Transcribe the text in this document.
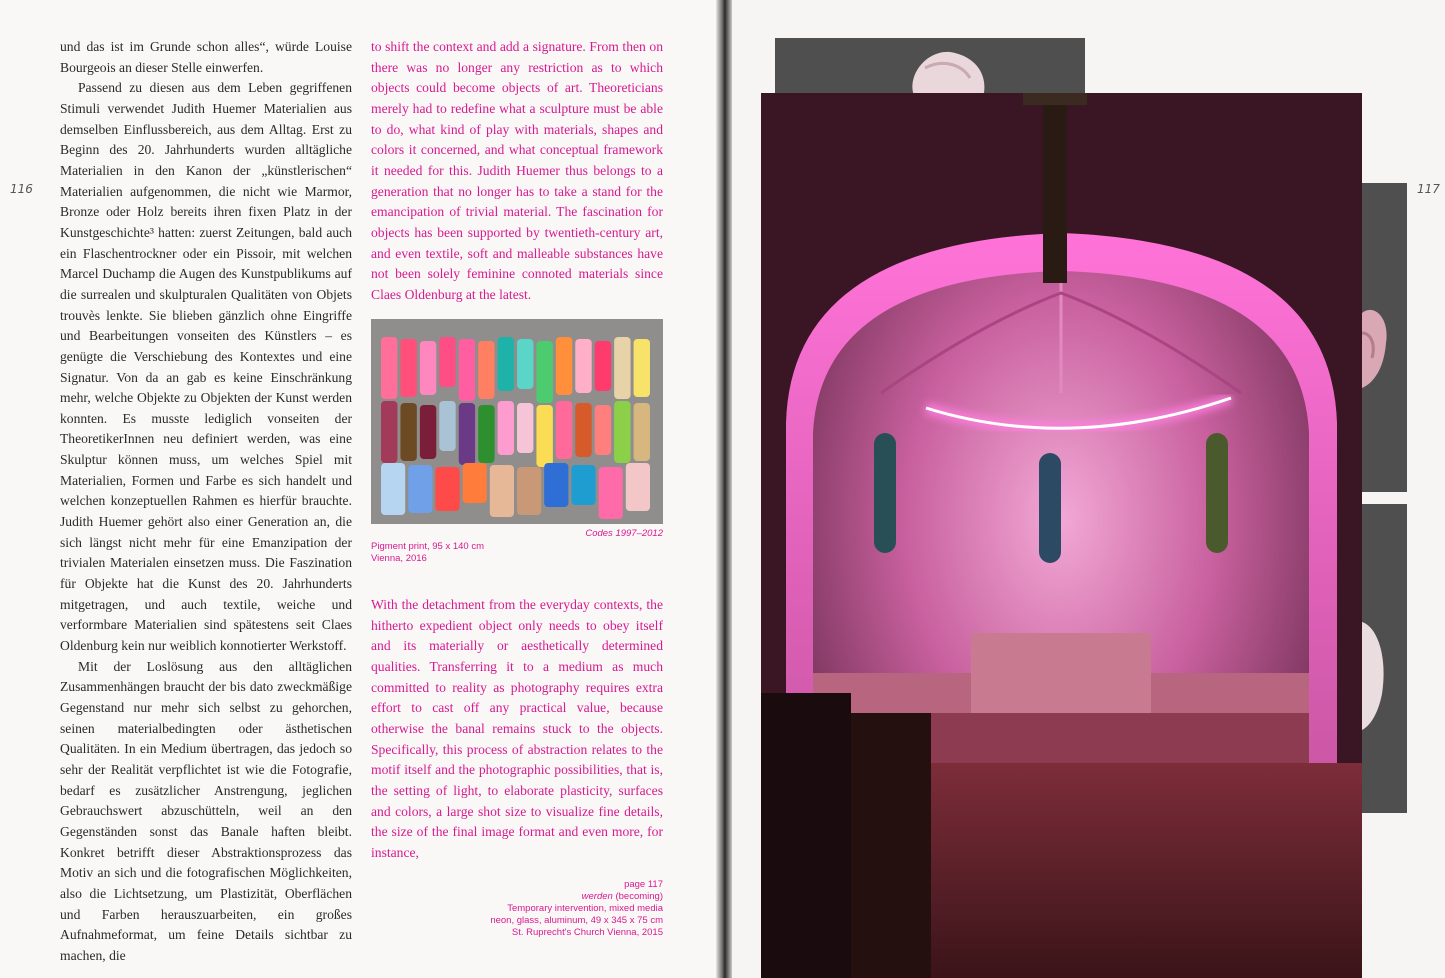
116

und das ist im Grunde schon alles“, würde Louise Bourgeois an dieser Stelle einwerfen.

Passend zu diesen aus dem Leben gegriffenen Stimuli verwendet Judith Huemer Materialien aus demselben Einflussbereich, aus dem Alltag. Erst zu Beginn des 20. Jahrhunderts wurden alltägliche Materialien in den Kanon der „künstlerischen“ Materialien aufgenommen, die nicht wie Marmor, Bronze oder Holz bereits ihren fixen Platz in der Kunstgeschichte³ hatten: zuerst Zeitungen, bald auch ein Flaschentrockner oder ein Pissoir, mit welchen Marcel Duchamp die Augen des Kunstpublikums auf die surrealen und skulpturalen Qualitäten von Objets trouvès lenkte. Sie blieben gänzlich ohne Eingriffe und Bearbeitungen vonseiten des Künstlers – es genügte die Verschiebung des Kontextes und eine Signatur. Von da an gab es keine Einschränkung mehr, welche Objekte zu Objekten der Kunst werden konnten. Es musste lediglich vonseiten der TheoretikerInnen neu definiert werden, was eine Skulptur können muss, um welches Spiel mit Materialien, Formen und Farbe es sich handelt und welchen konzeptuellen Rahmen es hierfür brauchte. Judith Huemer gehört also einer Generation an, die sich längst nicht mehr für eine Emanzipation der trivialen Materialen einsetzen muss. Die Faszination für Objekte hat die Kunst des 20. Jahrhunderts mitgetragen, und auch textile, weiche und verformbare Materialien sind spätestens seit Claes Oldenburg kein nur weiblich konnotierter Werkstoff.

Mit der Loslösung aus den alltäglichen Zusammenhängen braucht der bis dato zweckmäßige Gegenstand nur mehr sich selbst zu gehorchen, seinen materialbedingten oder ästhetischen Qualitäten. In ein Medium übertragen, das jedoch so sehr der Realität verpflichtet ist wie die Fotografie, bedarf es zusätzlicher Anstrengung, jeglichen Gebrauchswert abzuschütteln, weil an den Gegenständen sonst das Banale haften bleibt. Konkret betrifft dieser Abstraktionsprozess das Motiv an sich und die fotografischen Möglichkeiten, also die Lichtsetzung, um Plastizität, Oberflächen und Farben herauszuarbeiten, ein großes Aufnahmeformat, um feine Details sichtbar zu machen, die

to shift the context and add a signature. From then on there was no longer any restriction as to which objects could become objects of art. Theoreticians merely had to redefine what a sculpture must be able to do, what kind of play with materials, shapes and colors it concerned, and what conceptual framework it needed for this. Judith Huemer thus belongs to a generation that no longer has to take a stand for the emancipation of trivial material. The fascination for objects has been supported by twentieth-century art, and even textile, soft and malleable substances have not been solely feminine connoted materials since Claes Oldenburg at the latest.

Codes 1997–2012
Pigment print, 95 x 140 cm
Vienna, 2016

With the detachment from the everyday contexts, the hitherto expedient object only needs to obey itself and its materially or aesthetically determined qualities. Transferring it to a medium as much committed to reality as photography requires extra effort to cast off any practical value, because otherwise the banal remains stuck to the objects. Specifically, this process of abstraction relates to the motif itself and the photographic possibilities, that is, the setting of light, to elaborate plasticity, surfaces and colors, a large shot size to visualize fine details, the size of the final image format and even more, for instance,

page 117
werden (becoming)
Temporary intervention, mixed media
neon, glass, aluminum, 49 x 345 x 75 cm
St. Ruprecht's Church Vienna, 2015
117
